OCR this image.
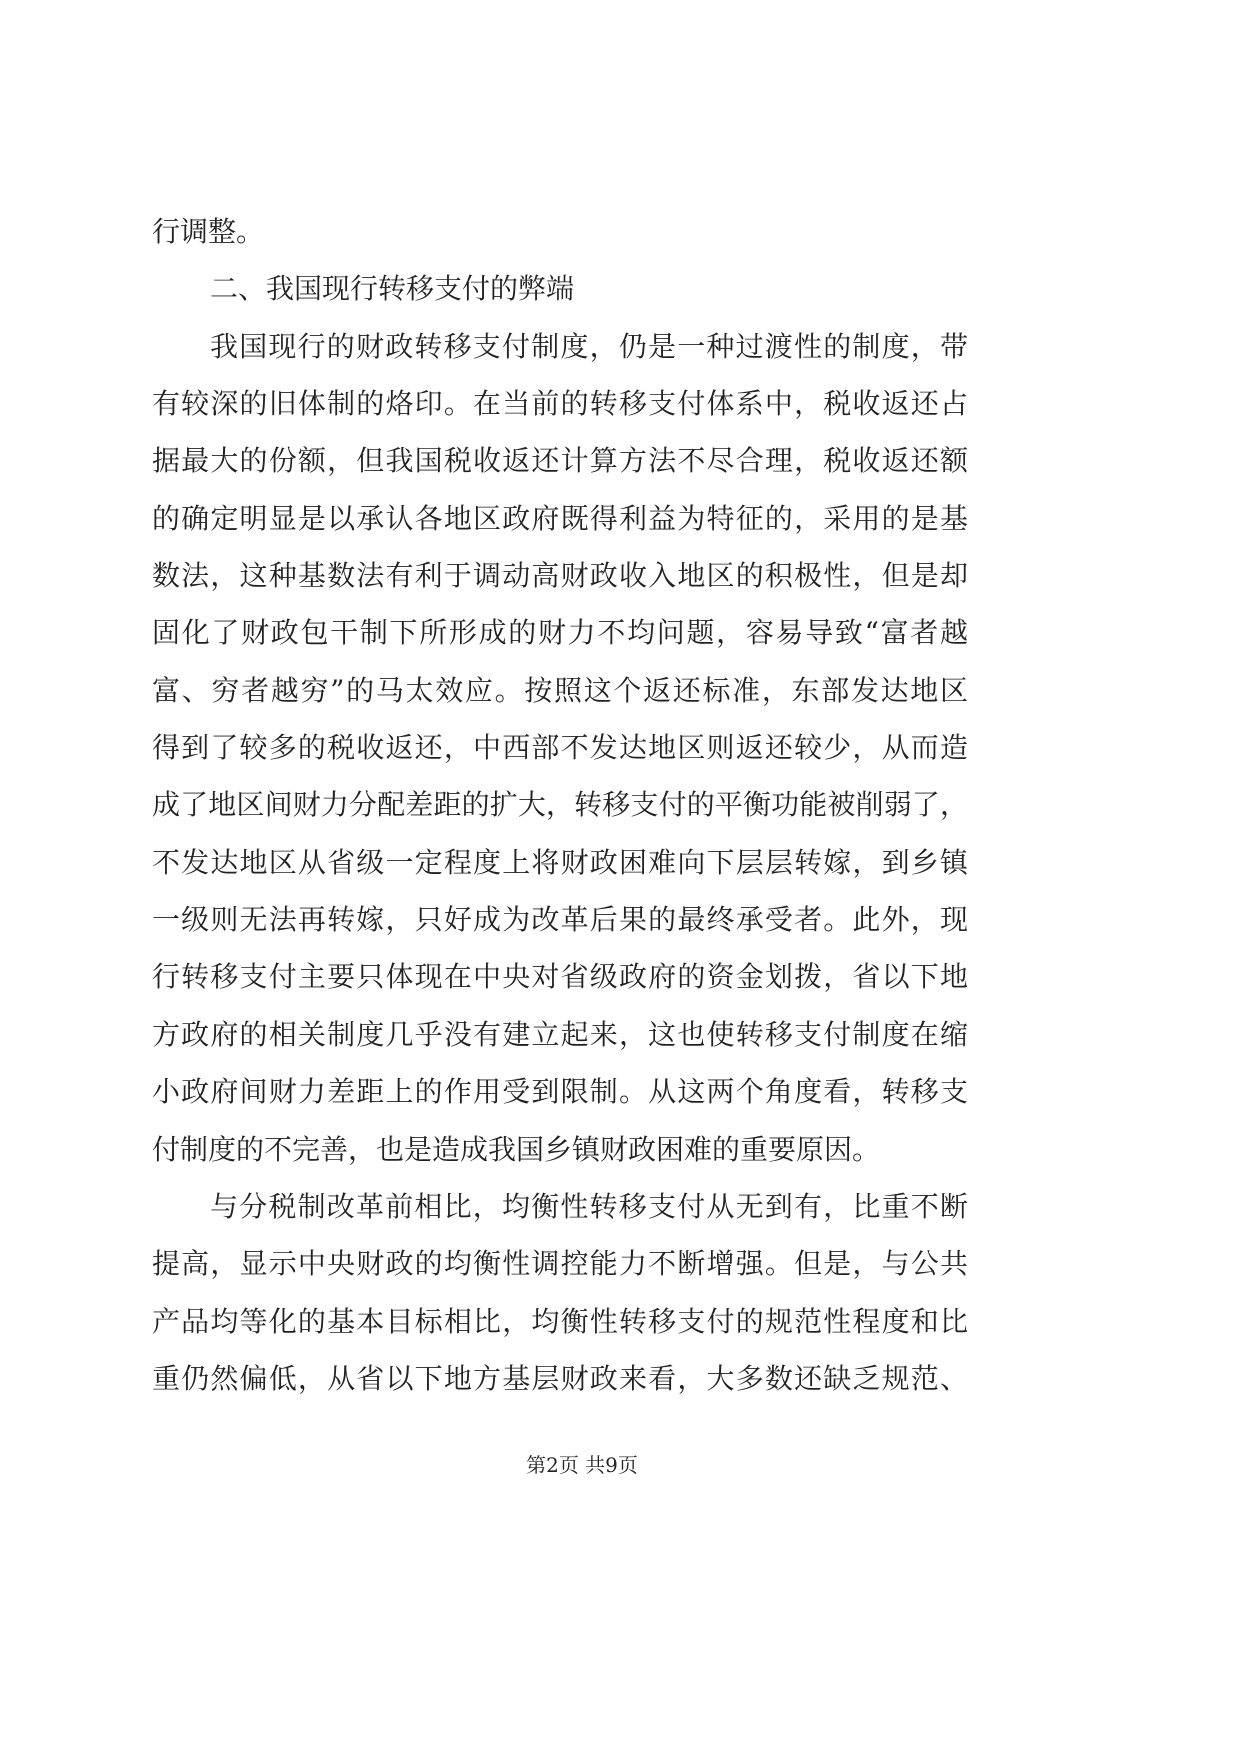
行调整。
二、我国现行转移支付的弊端
我国现行的财政转移支付制度，仍是一种过渡性的制度，带
有较深的旧体制的烙印。在当前的转移支付体系中，税收返还占
据最大的份额，但我国税收返还计算方法不尽合理，税收返还额
的确定明显是以承认各地区政府既得利益为特征的，采用的是基
数法，这种基数法有利于调动高财政收入地区的积极性，但是却
固化了财政包干制下所形成的财力不均问题，容易导致“富者越
富、穷者越穷”的马太效应。按照这个返还标准，东部发达地区
得到了较多的税收返还，中西部不发达地区则返还较少，从而造
成了地区间财力分配差距的扩大，转移支付的平衡功能被削弱了，
不发达地区从省级一定程度上将财政困难向下层层转嫁，到乡镇
一级则无法再转嫁，只好成为改革后果的最终承受者。此外，现
行转移支付主要只体现在中央对省级政府的资金划拨，省以下地
方政府的相关制度几乎没有建立起来，这也使转移支付制度在缩
小政府间财力差距上的作用受到限制。从这两个角度看，转移支
付制度的不完善，也是造成我国乡镇财政困难的重要原因。
与分税制改革前相比，均衡性转移支付从无到有，比重不断
提高，显示中央财政的均衡性调控能力不断增强。但是，与公共
产品均等化的基本目标相比，均衡性转移支付的规范性程度和比
重仍然偏低，从省以下地方基层财政来看，大多数还缺乏规范、
第2页 共9页
